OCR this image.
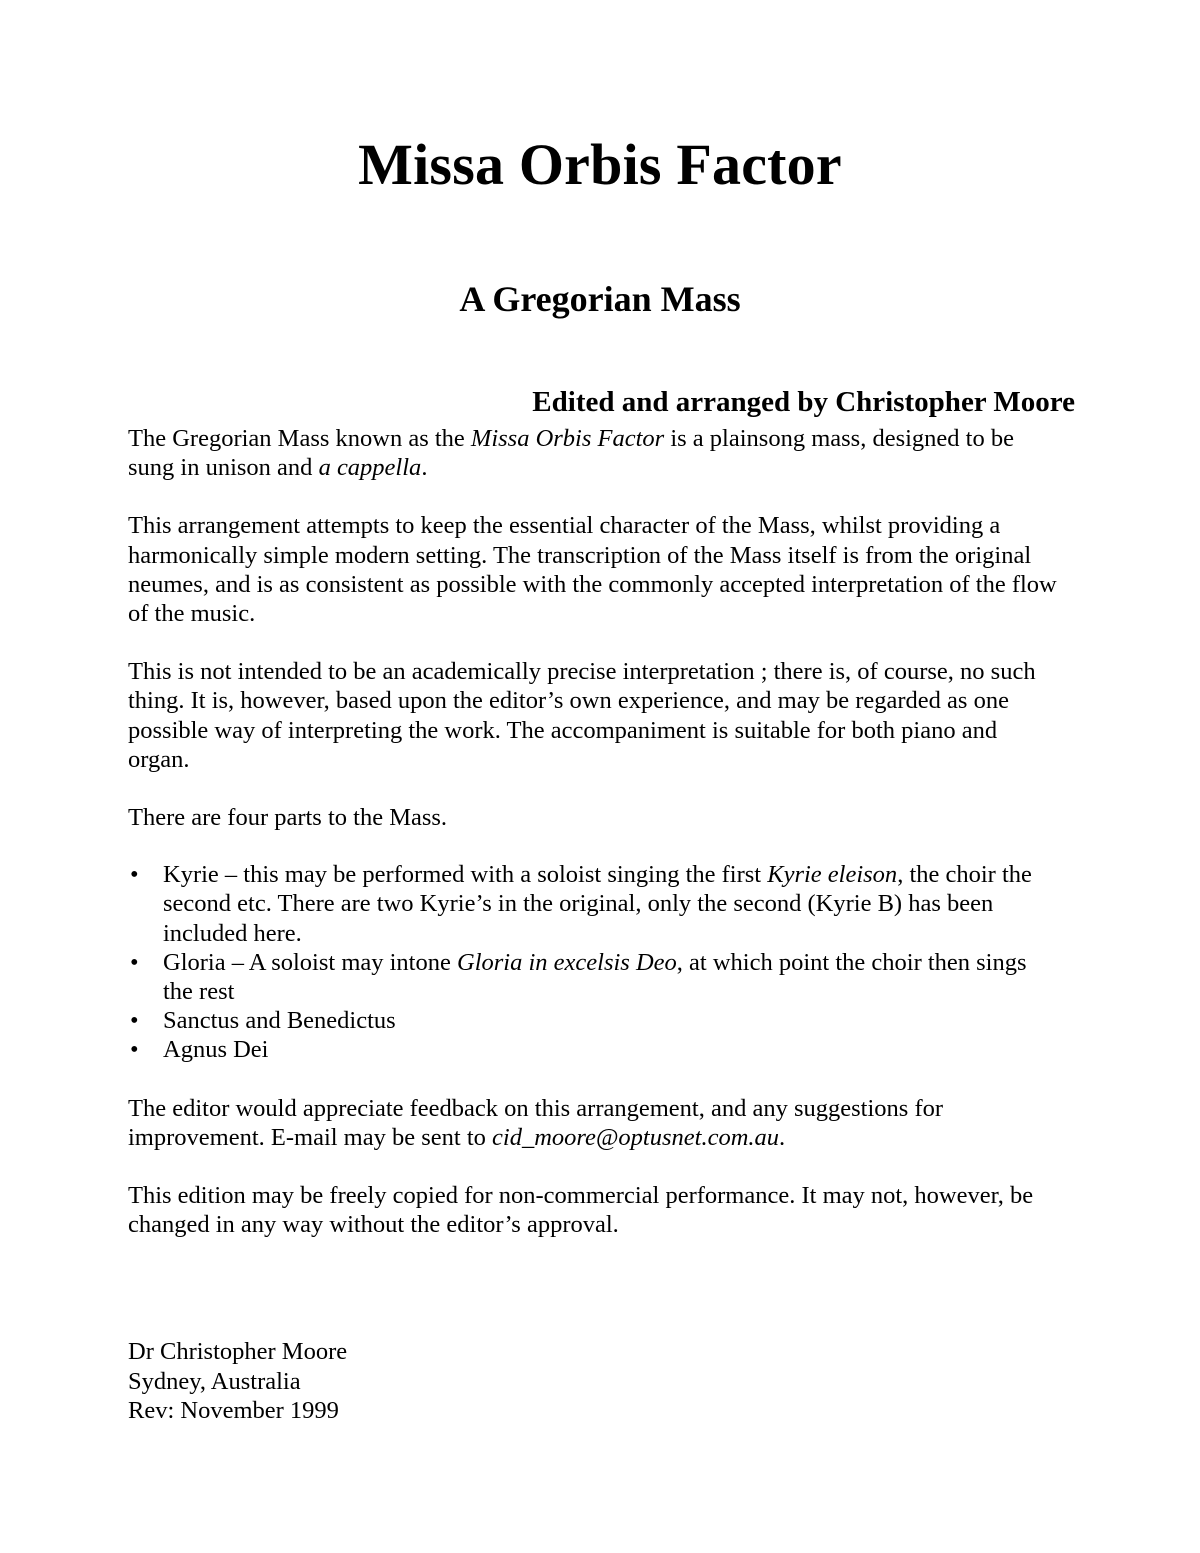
Missa Orbis Factor
A Gregorian Mass
Edited and arranged by Christopher Moore

The Gregorian Mass known as the Missa Orbis Factor is a plainsong mass, designed to be sung in unison and a cappella.

This arrangement attempts to keep the essential character of the Mass, whilst providing a harmonically simple modern setting. The transcription of the Mass itself is from the original neumes, and is as consistent as possible with the commonly accepted interpretation of the flow of the music.

This is not intended to be an academically precise interpretation ; there is, of course, no such thing. It is, however, based upon the editor’s own experience, and may be regarded as one possible way of interpreting the work. The accompaniment is suitable for both piano and organ.

There are four parts to the Mass.

• Kyrie – this may be performed with a soloist singing the first Kyrie eleison, the choir the second etc. There are two Kyrie’s in the original, only the second (Kyrie B) has been included here.
• Gloria – A soloist may intone Gloria in excelsis Deo, at which point the choir then sings the rest
• Sanctus and Benedictus
• Agnus Dei

The editor would appreciate feedback on this arrangement, and any suggestions for improvement. E-mail may be sent to cid_moore@optusnet.com.au.

This edition may be freely copied for non-commercial performance. It may not, however, be changed in any way without the editor’s approval.

Dr Christopher Moore
Sydney, Australia
Rev: November 1999
